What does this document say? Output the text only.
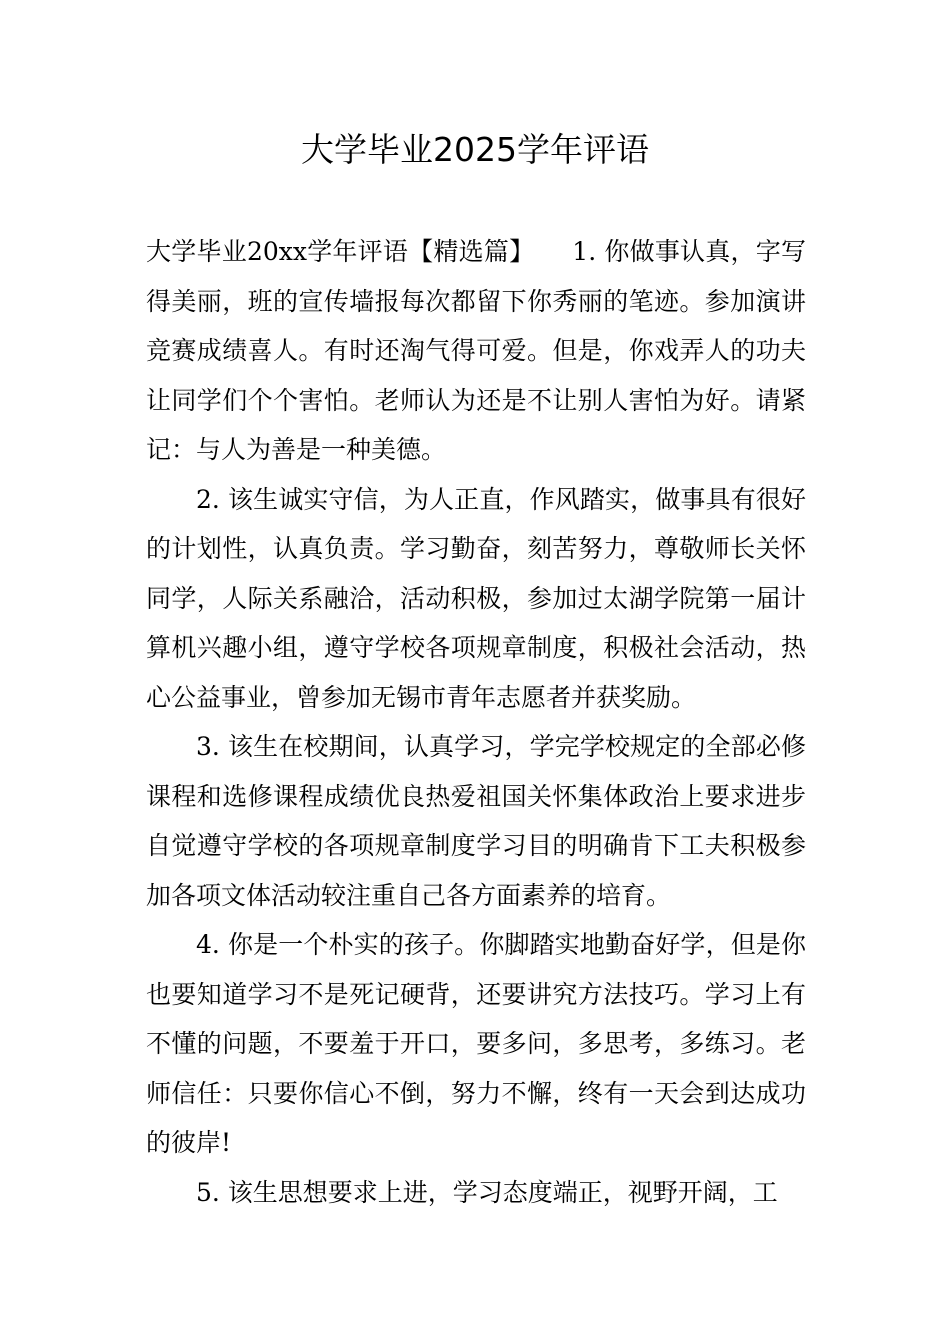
大学毕业2025学年评语

大学毕业20xx学年评语【精选篇】　　1. 你做事认真，字写得美丽，班的宣传墙报每次都留下你秀丽的笔迹。参加演讲竞赛成绩喜人。有时还淘气得可爱。但是，你戏弄人的功夫让同学们个个害怕。老师认为还是不让别人害怕为好。请紧记：与人为善是一种美德。

2. 该生诚实守信，为人正直，作风踏实，做事具有很好的计划性，认真负责。学习勤奋，刻苦努力，尊敬师长关怀同学，人际关系融洽，活动积极，参加过太湖学院第一届计算机兴趣小组，遵守学校各项规章制度，积极社会活动，热心公益事业，曾参加无锡市青年志愿者并获奖励。

3. 该生在校期间，认真学习，学完学校规定的全部必修课程和选修课程成绩优良热爱祖国关怀集体政治上要求进步自觉遵守学校的各项规章制度学习目的明确肯下工夫积极参加各项文体活动较注重自己各方面素养的培育。

4. 你是一个朴实的孩子。你脚踏实地勤奋好学，但是你也要知道学习不是死记硬背，还要讲究方法技巧。学习上有不懂的问题，不要羞于开口，要多问，多思考，多练习。老师信任：只要你信心不倒，努力不懈，终有一天会到达成功的彼岸!

5. 该生思想要求上进，学习态度端正，视野开阔，工
